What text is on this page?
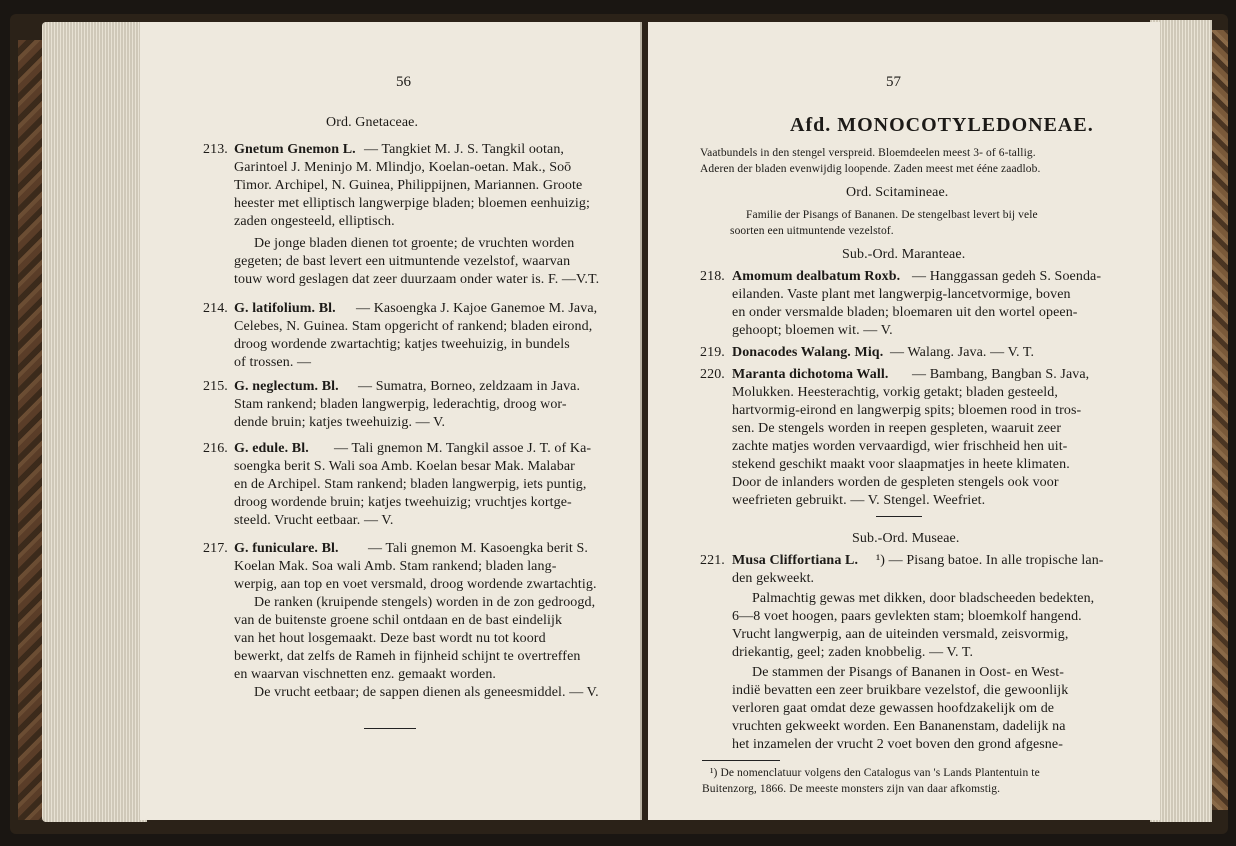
56
Ord. Gnetaceae.
213. Gnetum Gnemon L. — Tangkiet M. J. S. Tangkil ootan,
Garintoel J. Meninjo M. Mlindjo, Koelan-oetan. Mak., Soō
Timor. Archipel, N. Guinea, Philippijnen, Mariannen. Groote
heester met elliptisch langwerpige bladen; bloemen eenhuizig;
zaden ongesteeld, elliptisch.
De jonge bladen dienen tot groente; de vruchten worden
gegeten; de bast levert een uitmuntende vezelstof, waarvan
touw word geslagen dat zeer duurzaam onder water is. F. —V.T.
214. G. latifolium. Bl. — Kasoengka J. Kajoe Ganemoe M. Java,
Celebes, N. Guinea. Stam opgericht of rankend; bladen eirond,
droog wordende zwartachtig; katjes tweehuizig, in bundels
of trossen. —
215. G. neglectum. Bl. — Sumatra, Borneo, zeldzaam in Java.
Stam rankend; bladen langwerpig, lederachtig, droog wor-
dende bruin; katjes tweehuizig. — V.
216. G. edule. Bl. — Tali gnemon M. Tangkil assoe J. T. of Ka-
soengka berit S. Wali soa Amb. Koelan besar Mak. Malabar
en de Archipel. Stam rankend; bladen langwerpig, iets puntig,
droog wordende bruin; katjes tweehuizig; vruchtjes kortge-
steeld. Vrucht eetbaar. — V.
217. G. funiculare. Bl. — Tali gnemon M. Kasoengka berit S.
Koelan Mak. Soa wali Amb. Stam rankend; bladen lang-
werpig, aan top en voet versmald, droog wordende zwartachtig.
De ranken (kruipende stengels) worden in de zon gedroogd,
van de buitenste groene schil ontdaan en de bast eindelijk
van het hout losgemaakt. Deze bast wordt nu tot koord
bewerkt, dat zelfs de Rameh in fijnheid schijnt te overtreffen
en waarvan vischnetten enz. gemaakt worden.
De vrucht eetbaar; de sappen dienen als geneesmiddel. — V.
57
Afd. MONOCOTYLEDONEAE.
Vaatbundels in den stengel verspreid. Bloemdeelen meest 3- of 6-tallig.
Aderen der bladen evenwijdig loopende. Zaden meest met ééne zaadlob.
Ord. Scitamineae.
Familie der Pisangs of Bananen. De stengelbast levert bij vele
soorten een uitmuntende vezelstof.
Sub.-Ord. Maranteae.
218. Amomum dealbatum Roxb. — Hanggassan gedeh S. Soenda-
eilanden. Vaste plant met langwerpig-lancetvormige, boven
en onder versmalde bladen; bloemaren uit den wortel opeen-
gehoopt; bloemen wit. — V.
219. Donacodes Walang. Miq. — Walang. Java. — V. T.
220. Maranta dichotoma Wall. — Bambang, Bangban S. Java,
Molukken. Heesterachtig, vorkig getakt; bladen gesteeld,
hartvormig-eirond en langwerpig spits; bloemen rood in tros-
sen. De stengels worden in reepen gespleten, waaruit zeer
zachte matjes worden vervaardigd, wier frischheid hen uit-
stekend geschikt maakt voor slaapmatjes in heete klimaten.
Door de inlanders worden de gespleten stengels ook voor
weefrieten gebruikt. — V. Stengel. Weefriet.
Sub.-Ord. Museae.
221. Musa Cliffortiana L. ¹) — Pisang batoe. In alle tropische lan-
den gekweekt.
Palmachtig gewas met dikken, door bladscheeden bedekten,
6—8 voet hoogen, paars gevlekten stam; bloemkolf hangend.
Vrucht langwerpig, aan de uiteinden versmald, zeisvormig,
driekantig, geel; zaden knobbelig. — V. T.
De stammen der Pisangs of Bananen in Oost- en West-
indië bevatten een zeer bruikbare vezelstof, die gewoonlijk
verloren gaat omdat deze gewassen hoofdzakelijk om de
vruchten gekweekt worden. Een Bananenstam, dadelijk na
het inzamelen der vrucht 2 voet boven den grond afgesne-
¹) De nomenclatuur volgens den Catalogus van 's Lands Plantentuin te
Buitenzorg, 1866. De meeste monsters zijn van daar afkomstig.
